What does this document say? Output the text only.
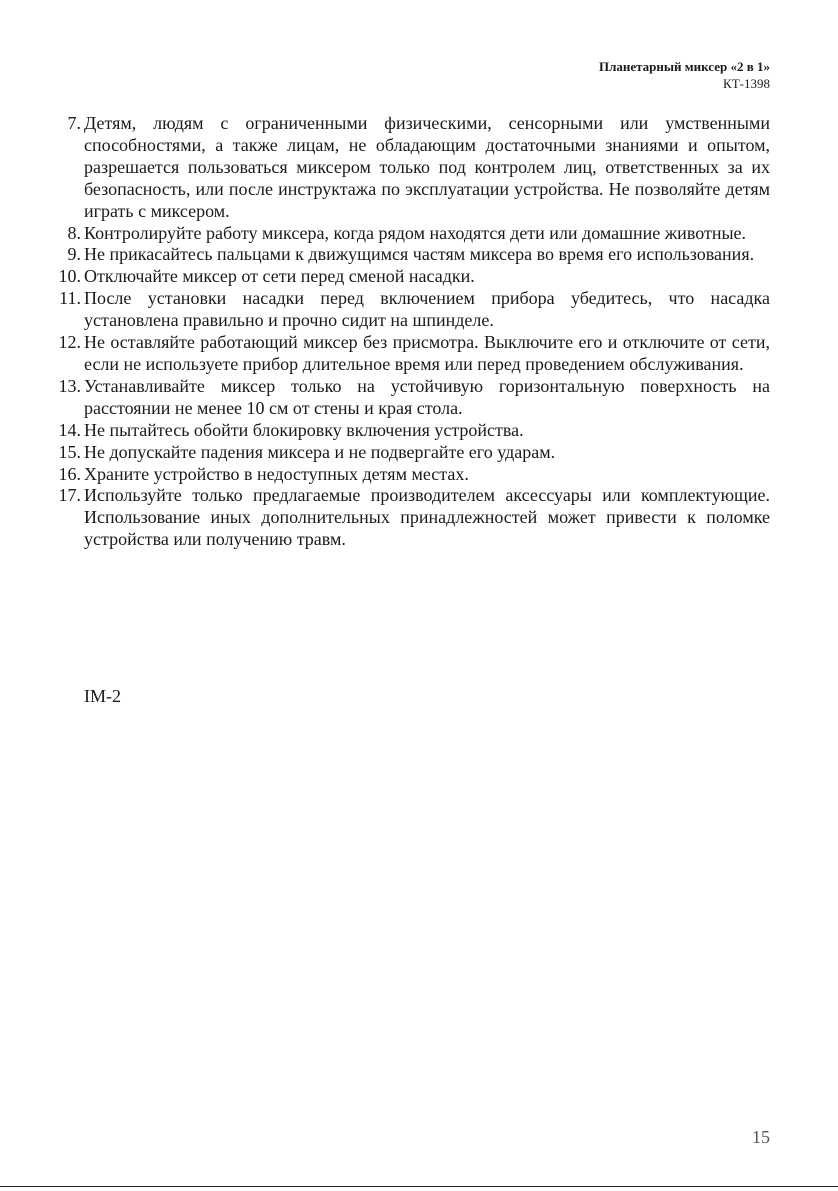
Планетарный миксер «2 в 1»
КТ-1398
7. Детям, людям с ограниченными физическими, сенсорными или умственными способностями, а также лицам, не обладающим достаточными знаниями и опытом, разрешается пользоваться миксером только под контролем лиц, ответственных за их безопасность, или после инструктажа по эксплуатации устройства. Не позволяйте детям играть с миксером.
8. Контролируйте работу миксера, когда рядом находятся дети или домашние животные.
9. Не прикасайтесь пальцами к движущимся частям миксера во время его использования.
10. Отключайте миксер от сети перед сменой насадки.
11. После установки насадки перед включением прибора убедитесь, что насадка установлена правильно и прочно сидит на шпинделе.
12. Не оставляйте работающий миксер без присмотра. Выключите его и отключите от сети, если не используете прибор длительное время или перед проведением обслуживания.
13. Устанавливайте миксер только на устойчивую горизонтальную поверхность на расстоянии не менее 10 см от стены и края стола.
14. Не пытайтесь обойти блокировку включения устройства.
15. Не допускайте падения миксера и не подвергайте его ударам.
16. Храните устройство в недоступных детям местах.
17. Используйте только предлагаемые производителем аксессуары или комплектующие. Использование иных дополнительных принадлежностей может привести к поломке устройства или получению травм.
IM-2
15
